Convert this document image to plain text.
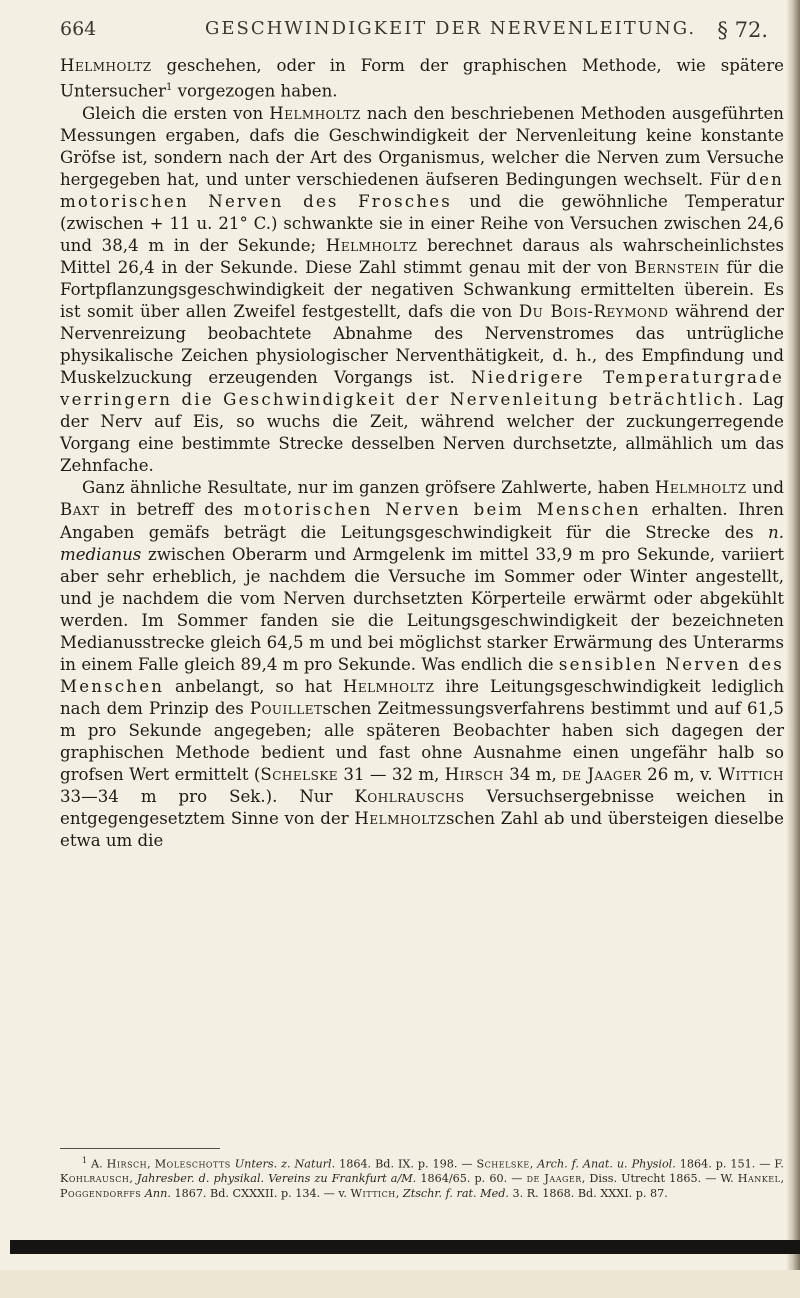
664	GESCHWINDIGKEIT DER NERVENLEITUNG. § 72.

Helmholtz geschehen, oder in Form der graphischen Methode, wie spätere Untersucher$^1$ vorgezogen haben.

Gleich die ersten von Helmholtz nach den beschriebenen Methoden ausgeführten Messungen ergaben, dafs die Geschwindigkeit der Nervenleitung keine konstante Gröfse ist, sondern nach der Art des Organismus, welcher die Nerven zum Versuche hergegeben hat, und unter verschiedenen äufseren Bedingungen wechselt. Für den motorischen Nerven des Frosches und die gewöhnliche Temperatur (zwischen + 11 u. 21° C.) schwankte sie in einer Reihe von Versuchen zwischen 24,6 und 38,4 m in der Sekunde; Helmholtz berechnet daraus als wahrscheinlichstes Mittel 26,4 in der Sekunde. Diese Zahl stimmt genau mit der von Bernstein für die Fortpflanzungsgeschwindigkeit der negativen Schwankung ermittelten überein. Es ist somit über allen Zweifel festgestellt, dafs die von Du Bois-Reymond während der Nervenreizung beobachtete Abnahme des Nervenstromes das untrügliche physikalische Zeichen physiologischer Nerventhätigkeit, d. h., des Empfindung und Muskelzuckung erzeugenden Vorgangs ist. Niedrigere Temperaturgrade verringern die Geschwindigkeit der Nervenleitung beträchtlich. Lag der Nerv auf Eis, so wuchs die Zeit, während welcher der zuckungerregende Vorgang eine bestimmte Strecke desselben Nerven durchsetzte, allmählich um das Zehnfache.

Ganz ähnliche Resultate, nur im ganzen gröfsere Zahlwerte, haben Helmholtz und Baxt in betreff des motorischen Nerven beim Menschen erhalten. Ihren Angaben gemäfs beträgt die Leitungsgeschwindigkeit für die Strecke des n. medianus zwischen Oberarm und Armgelenk im mittel 33,9 m pro Sekunde, variiert aber sehr erheblich, je nachdem die Versuche im Sommer oder Winter angestellt, und je nachdem die vom Nerven durchsetzten Körperteile erwärmt oder abgekühlt werden. Im Sommer fanden sie die Leitungsgeschwindigkeit der bezeichneten Medianusstrecke gleich 64,5 m und bei möglichst starker Erwärmung des Unterarms in einem Falle gleich 89,4 m pro Sekunde. Was endlich die sensiblen Nerven des Menschen anbelangt, so hat Helmholtz ihre Leitungsgeschwindigkeit lediglich nach dem Prinzip des Pouilletschen Zeitmessungsverfahrens bestimmt und auf 61,5 m pro Sekunde angegeben; alle späteren Beobachter haben sich dagegen der graphischen Methode bedient und fast ohne Ausnahme einen ungefähr halb so grofsen Wert ermittelt (Schelske 31 — 32 m, Hirsch 34 m, de Jaager 26 m, v. Wittich 33—34 m pro Sek.). Nur Kohlrauschs Versuchsergebnisse weichen in entgegengesetztem Sinne von der Helmholtzschen Zahl ab und übersteigen dieselbe etwa um die

$^1$ A. Hirsch, Moleschotts Unters. z. Naturl. 1864. Bd. IX. p. 198. — Schelske, Arch. f. Anat. u. Physiol. 1864. p. 151. — F. Kohlrausch, Jahresber. d. physikal. Vereins zu Frankfurt a/M. 1864/65. p. 60. — de Jaager, Diss. Utrecht 1865. — W. Hankel, Poggendorffs Ann. 1867. Bd. CXXXII. p. 134. — v. Wittich, Ztschr. f. rat. Med. 3. R. 1868. Bd. XXXI. p. 87.
